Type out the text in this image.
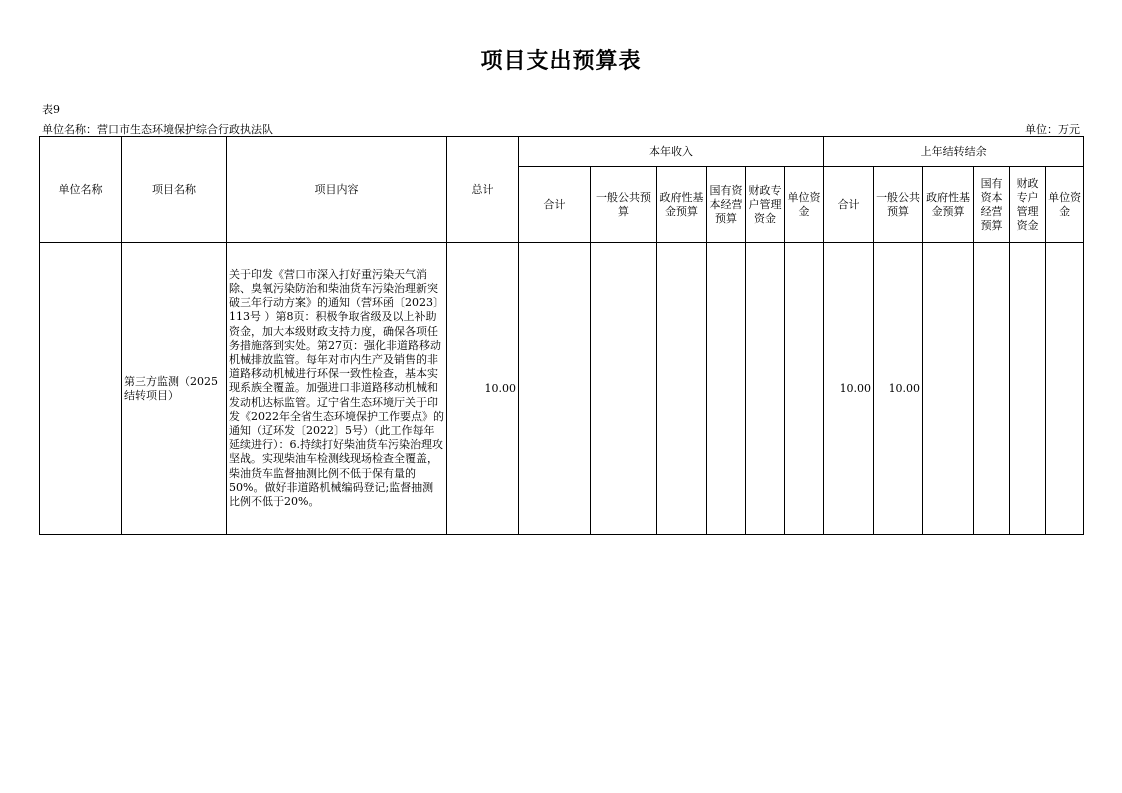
项目支出预算表
表9
单位名称：营口市生态环境保护综合行政执法队	单位：万元
单位名称	项目名称	项目内容	总计	本年收入						上年结转结余					
				合计	一般公共预算	政府性基金预算	国有资本经营预算	财政专户管理资金	单位资金	合计	一般公共预算	政府性基金预算	国有资本经营预算	财政专户管理资金	单位资金
	第三方监测（2025结转项目）	关于印发《营口市深入打好重污染天气消除、臭氧污染防治和柴油货车污染治理新突破三年行动方案》的通知（营环函〔2023〕113号 ）第8页：积极争取省级及以上补助资金，加大本级财政支持力度，确保各项任务措施落到实处。第27页：强化非道路移动机械排放监管。每年对市内生产及销售的非道路移动机械进行环保一致性检查，基本实现系族全覆盖。加强进口非道路移动机械和发动机达标监管。辽宁省生态环境厅关于印发《2022年全省生态环境保护工作要点》的通知（辽环发〔2022〕5号）（此工作每年延续进行）：6.持续打好柴油货车污染治理攻坚战。实现柴油车检测线现场检查全覆盖，柴油货车监督抽测比例不低于保有量的50%。做好非道路机械编码登记;监督抽测比例不低于20%。	10.00							10.00	10.00				
